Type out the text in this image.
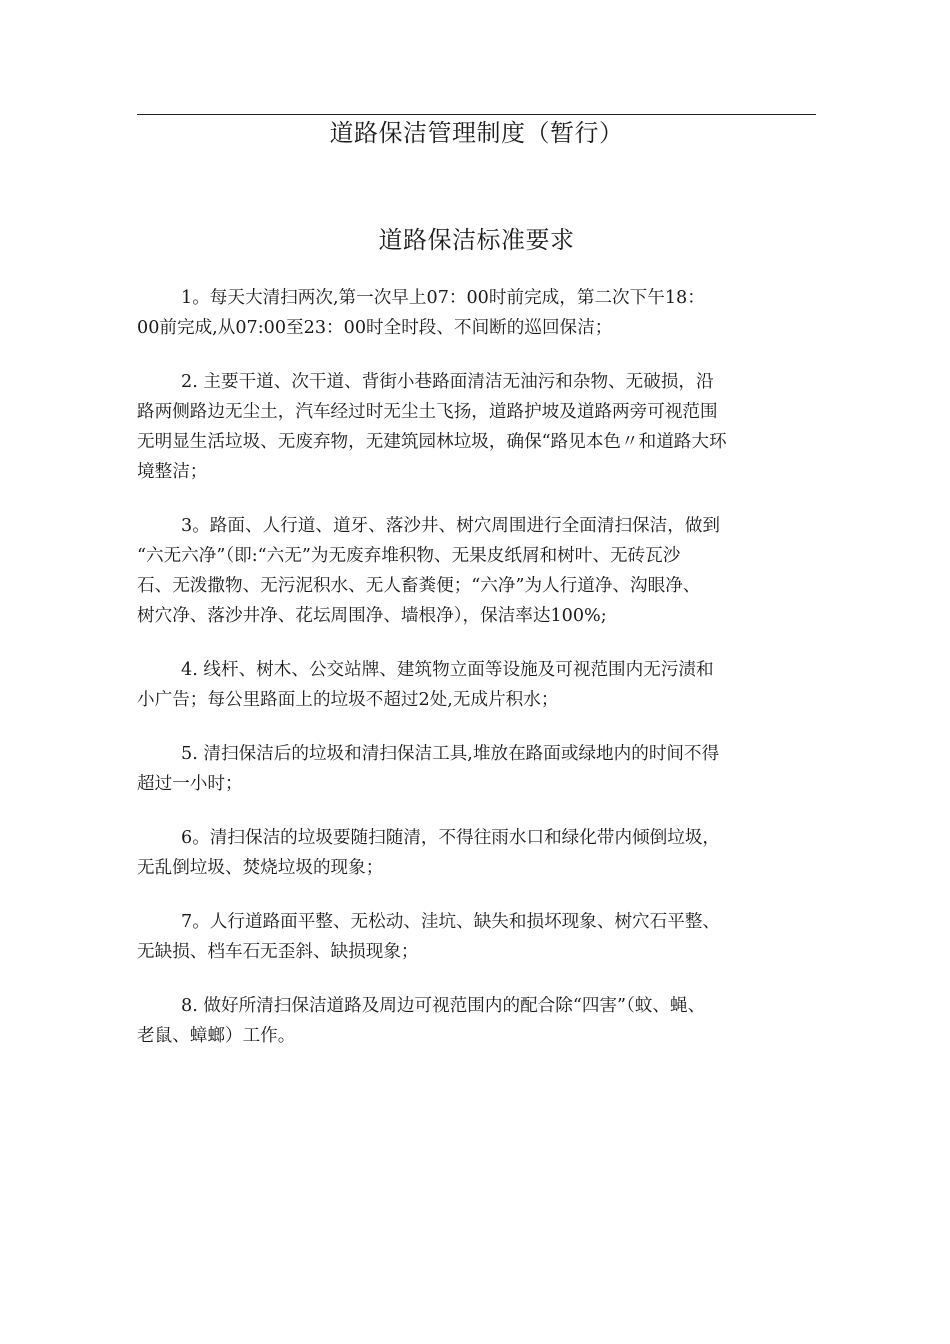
道路保洁管理制度（暂行）
道路保洁标准要求

1。每天大清扫两次,第一次早上07：00时前完成，第二次下午18：
00前完成,从07:00至23：00时全时段、不间断的巡回保洁；

2. 主要干道、次干道、背街小巷路面清洁无油污和杂物、无破损，沿
路两侧路边无尘土，汽车经过时无尘土飞扬，道路护坡及道路两旁可视范围
无明显生活垃圾、无废弃物，无建筑园林垃圾，确保“路见本色〃和道路大环
境整洁；

3。路面、人行道、道牙、落沙井、树穴周围进行全面清扫保洁，做到
“六无六净”（即:“六无”为无废弃堆积物、无果皮纸屑和树叶、无砖瓦沙
石、无泼撒物、无污泥积水、无人畜粪便；“六净”为人行道净、沟眼净、
树穴净、落沙井净、花坛周围净、墙根净），保洁率达100%;

4. 线杆、树木、公交站牌、建筑物立面等设施及可视范围内无污渍和
小广告；每公里路面上的垃圾不超过2处,无成片积水；

5. 清扫保洁后的垃圾和清扫保洁工具,堆放在路面或绿地内的时间不得
超过一小时；

6。清扫保洁的垃圾要随扫随清，不得往雨水口和绿化带内倾倒垃圾，
无乱倒垃圾、焚烧垃圾的现象；

7。人行道路面平整、无松动、洼坑、缺失和损坏现象、树穴石平整、
无缺损、档车石无歪斜、缺损现象；

8. 做好所清扫保洁道路及周边可视范围内的配合除“四害”（蚊、蝇、
老鼠、蟑螂）工作。
